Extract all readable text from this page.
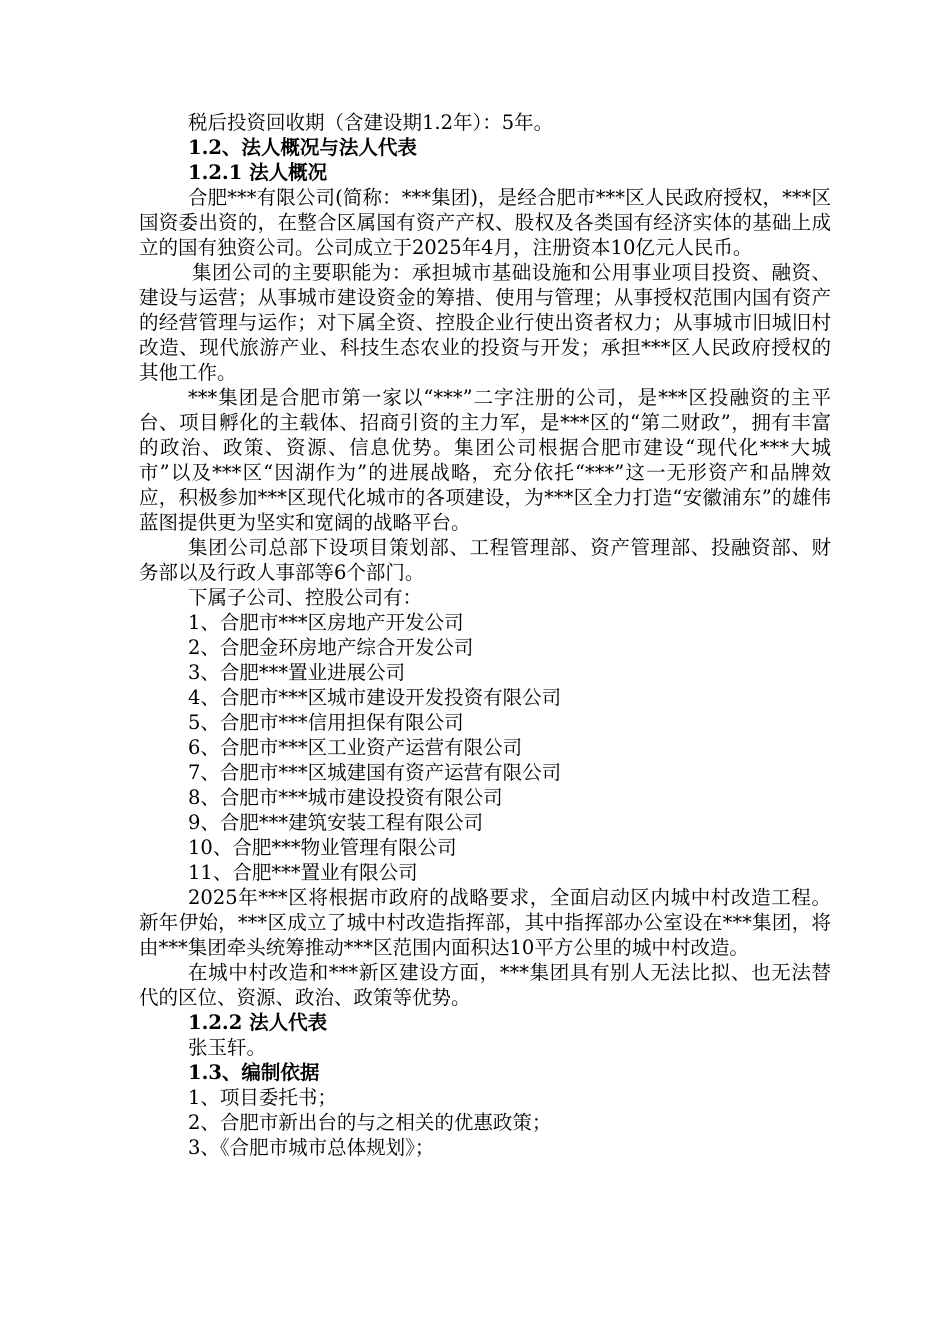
税后投资回收期（含建设期1.2年）：5年。

1.2、法人概况与法人代表

1.2.1 法人概况

合肥***有限公司(简称：***集团)，是经合肥市***区人民政府授权，***区国资委出资的，在整合区属国有资产产权、股权及各类国有经济实体的基础上成立的国有独资公司。公司成立于2025年4月，注册资本10亿元人民币。

集团公司的主要职能为：承担城市基础设施和公用事业项目投资、融资、建设与运营；从事城市建设资金的筹措、使用与管理；从事授权范围内国有资产的经营管理与运作；对下属全资、控股企业行使出资者权力；从事城市旧城旧村改造、现代旅游产业、科技生态农业的投资与开发；承担***区人民政府授权的其他工作。

***集团是合肥市第一家以“***”二字注册的公司，是***区投融资的主平台、项目孵化的主载体、招商引资的主力军，是***区的“第二财政”，拥有丰富的政治、政策、资源、信息优势。集团公司根据合肥市建设“现代化***大城市”以及***区“因湖作为”的进展战略，充分依托“***”这一无形资产和品牌效应，积极参加***区现代化城市的各项建设，为***区全力打造“安徽浦东”的雄伟蓝图提供更为坚实和宽阔的战略平台。

集团公司总部下设项目策划部、工程管理部、资产管理部、投融资部、财务部以及行政人事部等6个部门。

下属子公司、控股公司有：

1、合肥市***区房地产开发公司

2、合肥金环房地产综合开发公司

3、合肥***置业进展公司

4、合肥市***区城市建设开发投资有限公司

5、合肥市***信用担保有限公司

6、合肥市***区工业资产运营有限公司

7、合肥市***区城建国有资产运营有限公司

8、合肥市***城市建设投资有限公司

9、合肥***建筑安装工程有限公司

10、合肥***物业管理有限公司

11、合肥***置业有限公司

2025年***区将根据市政府的战略要求，全面启动区内城中村改造工程。新年伊始，***区成立了城中村改造指挥部，其中指挥部办公室设在***集团，将由***集团牵头统筹推动***区范围内面积达10平方公里的城中村改造。

在城中村改造和***新区建设方面，***集团具有别人无法比拟、也无法替代的区位、资源、政治、政策等优势。

1.2.2 法人代表

张玉轩。

1.3、编制依据

1、项目委托书；

2、合肥市新出台的与之相关的优惠政策；

3、《合肥市城市总体规划》；
